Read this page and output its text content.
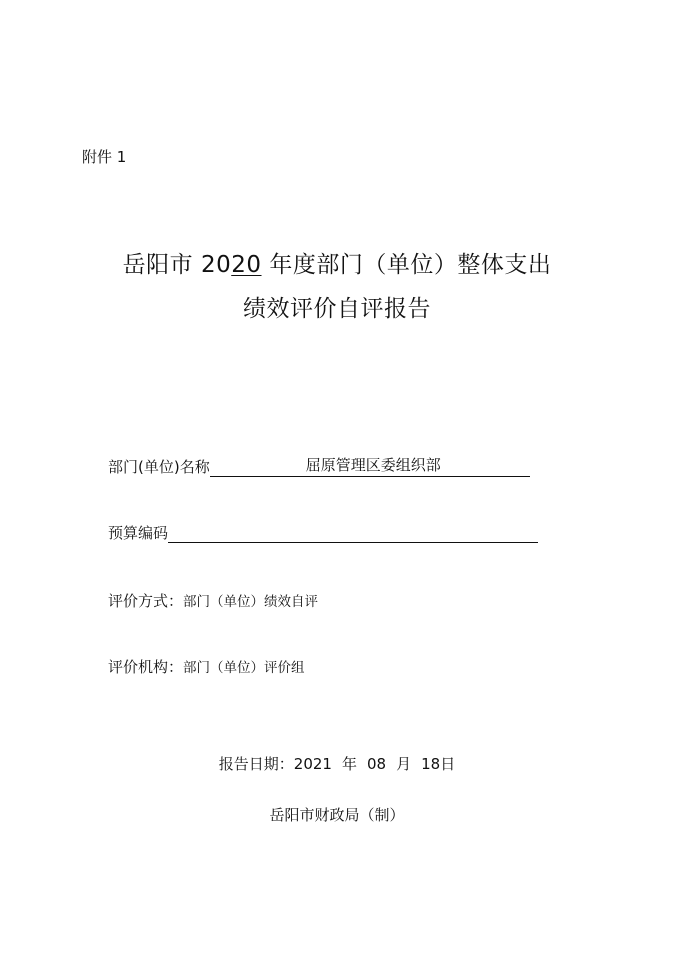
附件 1
岳阳市 2020 年度部门（单位）整体支出
绩效评价自评报告
部门(单位)名称	屈原管理区委组织部
预算编码
评价方式：部门（单位）绩效自评
评价机构：部门（单位）评价组
报告日期：2021 年 08 月 18日
岳阳市财政局（制）
